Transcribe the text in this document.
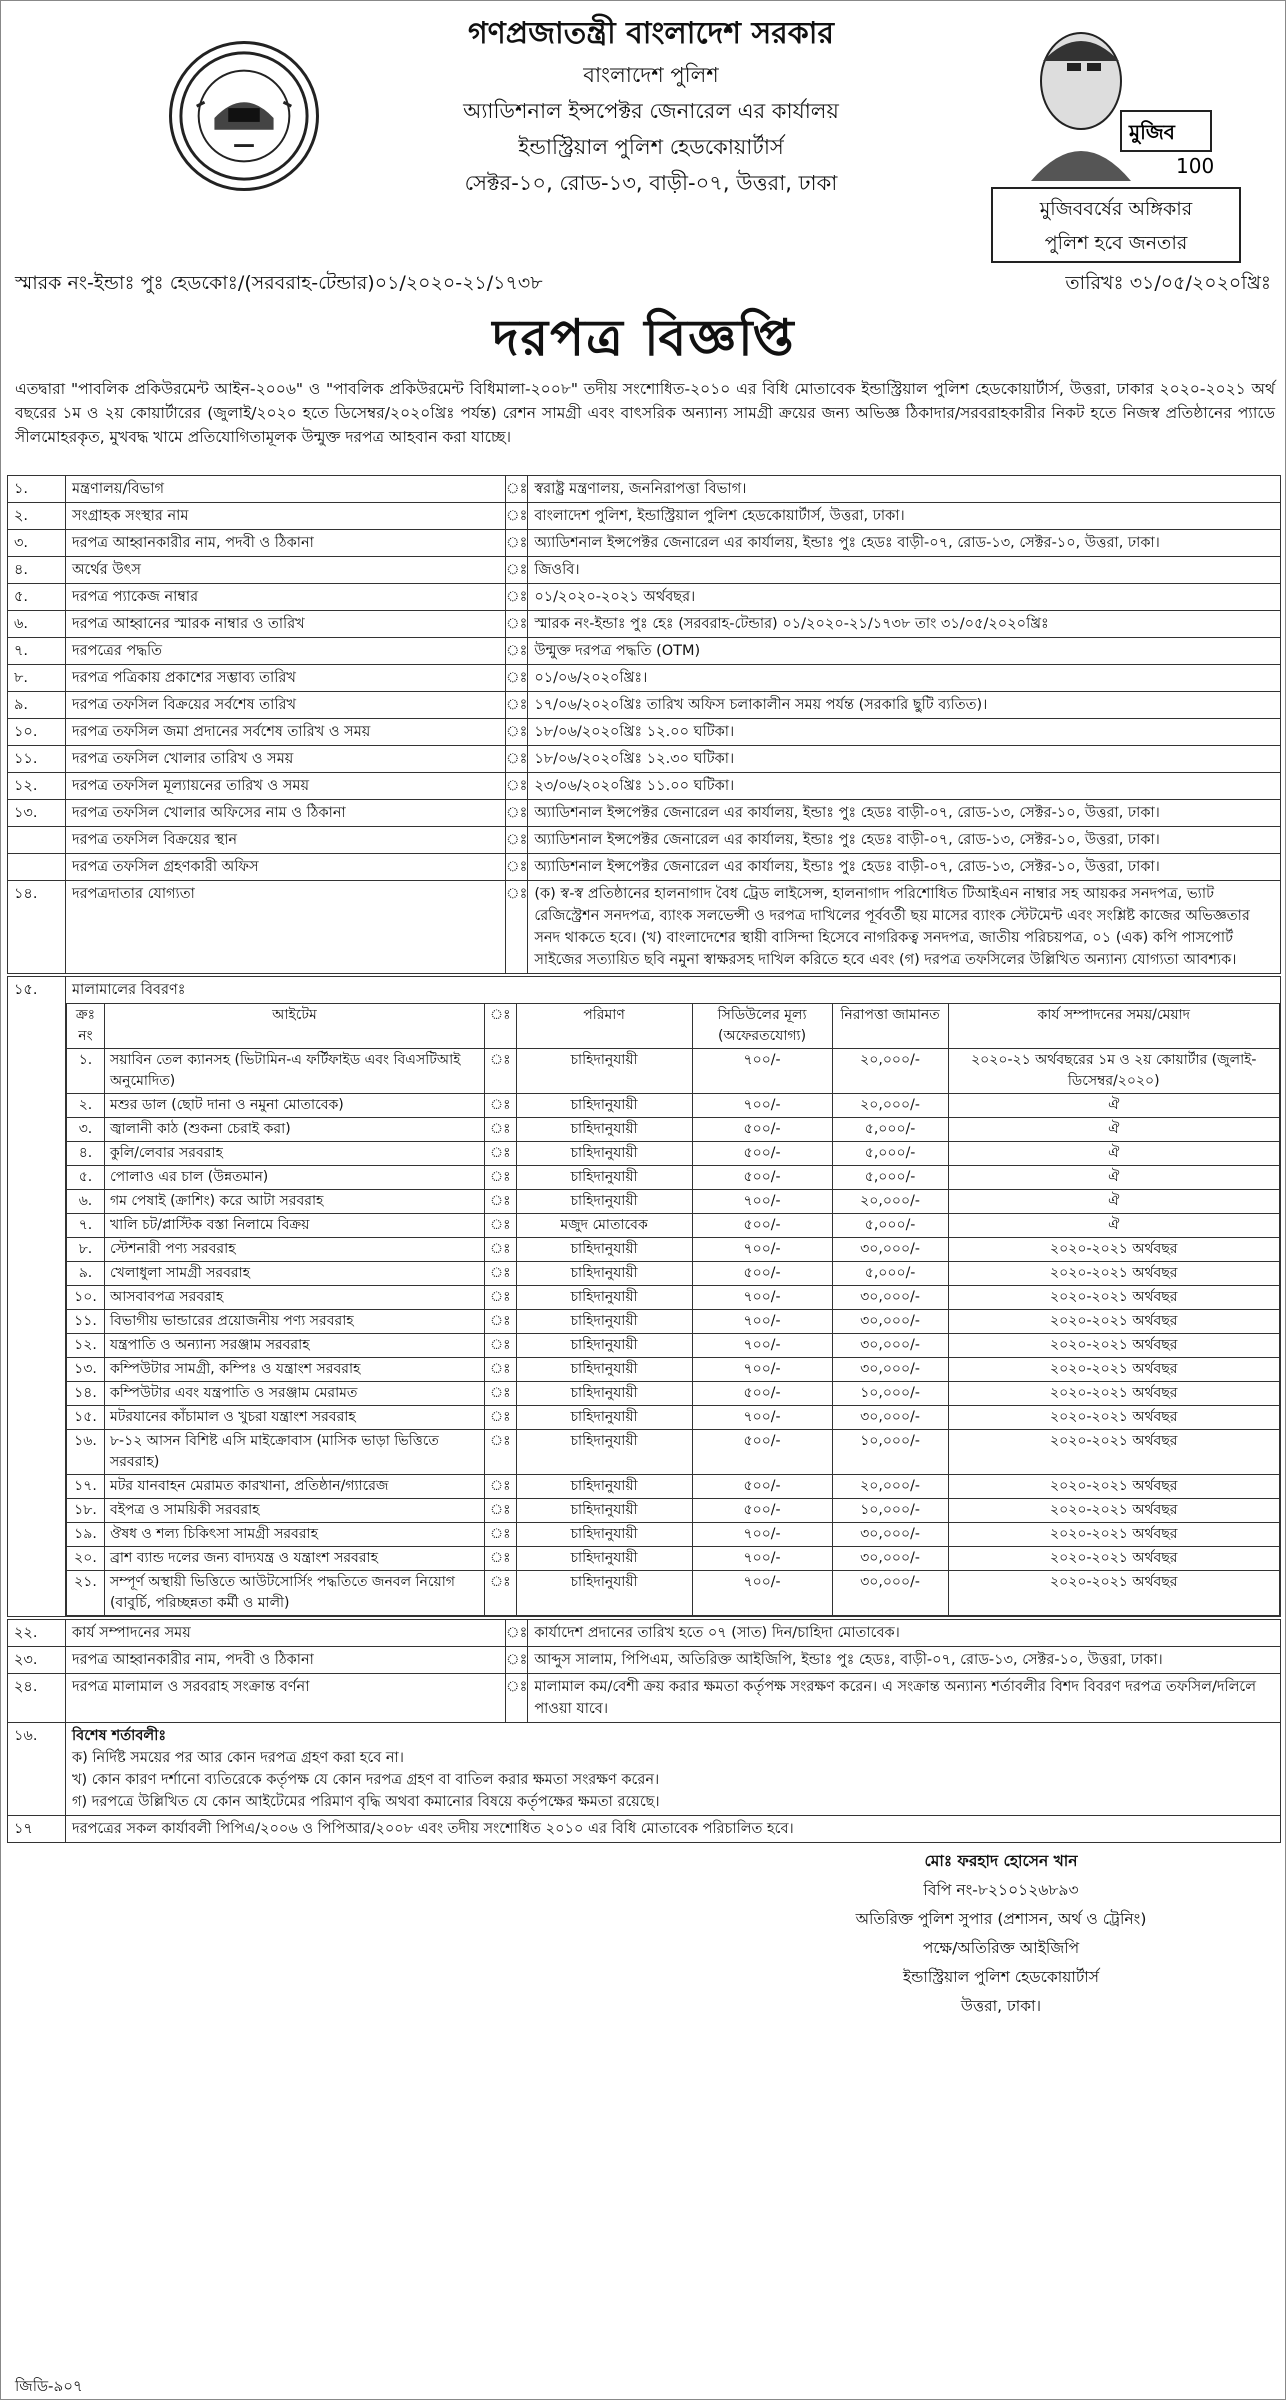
গণপ্রজাতন্ত্রী বাংলাদেশ সরকার
বাংলাদেশ পুলিশ
অ্যাডিশনাল ইন্সপেক্টর জেনারেল এর কার্যালয়
ইন্ডাস্ট্রিয়াল পুলিশ হেডকোয়ার্টার্স
সেক্টর-১০, রোড-১৩, বাড়ী-০৭, উত্তরা, ঢাকা
মুজিব
100
মুজিববর্ষের অঙ্গিকার
পুলিশ হবে জনতার
স্মারক নং-ইন্ডাঃ পুঃ হেডকোঃ/(সরবরাহ-টেন্ডার)০১/২০২০-২১/১৭৩৮	তারিখঃ ৩১/০৫/২০২০খ্রিঃ
দরপত্র বিজ্ঞপ্তি
এতদ্বারা "পাবলিক প্রকিউরমেন্ট আইন-২০০৬" ও "পাবলিক প্রকিউরমেন্ট বিধিমালা-২০০৮" তদীয় সংশোধিত-২০১০ এর বিধি মোতাবেক ইন্ডাস্ট্রিয়াল পুলিশ হেডকোয়ার্টার্স, উত্তরা, ঢাকার ২০২০-২০২১ অর্থ বছরের ১ম ও ২য় কোয়ার্টারের (জুলাই/২০২০ হতে ডিসেম্বর/২০২০খ্রিঃ পর্যন্ত) রেশন সামগ্রী এবং বাৎসরিক অন্যান্য সামগ্রী ক্রয়ের জন্য অভিজ্ঞ ঠিকাদার/সরবরাহকারীর নিকট হতে নিজস্ব প্রতিষ্ঠানের প্যাডে সীলমোহরকৃত, মুখবদ্ধ খামে প্রতিযোগিতামূলক উন্মুক্ত দরপত্র আহবান করা যাচ্ছে।
১.	মন্ত্রণালয়/বিভাগ	ঃ	স্বরাষ্ট্র মন্ত্রণালয়, জননিরাপত্তা বিভাগ।
২.	সংগ্রাহক সংস্থার নাম	ঃ	বাংলাদেশ পুলিশ, ইন্ডাস্ট্রিয়াল পুলিশ হেডকোয়ার্টার্স, উত্তরা, ঢাকা।
৩.	দরপত্র আহ্বানকারীর নাম, পদবী ও ঠিকানা	ঃ	অ্যাডিশনাল ইন্সপেক্টর জেনারেল এর কার্যালয়, ইন্ডাঃ পুঃ হেডঃ বাড়ী-০৭, রোড-১৩, সেক্টর-১০, উত্তরা, ঢাকা।
৪.	অর্থের উৎস	ঃ	জিওবি।
৫.	দরপত্র প্যাকেজ নাম্বার	ঃ	০১/২০২০-২০২১ অর্থবছর।
৬.	দরপত্র আহ্বানের স্মারক নাম্বার ও তারিখ	ঃ	স্মারক নং-ইন্ডাঃ পুঃ হেঃ (সরবরাহ-টেন্ডার) ০১/২০২০-২১/১৭৩৮ তাং ৩১/০৫/২০২০খ্রিঃ
৭.	দরপত্রের পদ্ধতি	ঃ	উন্মুক্ত দরপত্র পদ্ধতি (OTM)
৮.	দরপত্র পত্রিকায় প্রকাশের সম্ভাব্য তারিখ	ঃ	০১/০৬/২০২০খ্রিঃ।
৯.	দরপত্র তফসিল বিক্রয়ের সর্বশেষ তারিখ	ঃ	১৭/০৬/২০২০খ্রিঃ তারিখ অফিস চলাকালীন সময় পর্যন্ত (সরকারি ছুটি ব্যতিত)।
১০.	দরপত্র তফসিল জমা প্রদানের সর্বশেষ তারিখ ও সময়	ঃ	১৮/০৬/২০২০খ্রিঃ ১২.০০ ঘটিকা।
১১.	দরপত্র তফসিল খোলার তারিখ ও সময়	ঃ	১৮/০৬/২০২০খ্রিঃ ১২.৩০ ঘটিকা।
১২.	দরপত্র তফসিল মূল্যায়নের তারিখ ও সময়	ঃ	২৩/০৬/২০২০খ্রিঃ ১১.০০ ঘটিকা।
১৩.	দরপত্র তফসিল খোলার অফিসের নাম ও ঠিকানা	ঃ	অ্যাডিশনাল ইন্সপেক্টর জেনারেল এর কার্যালয়, ইন্ডাঃ পুঃ হেডঃ বাড়ী-০৭, রোড-১৩, সেক্টর-১০, উত্তরা, ঢাকা।
	দরপত্র তফসিল বিক্রয়ের স্থান	ঃ	অ্যাডিশনাল ইন্সপেক্টর জেনারেল এর কার্যালয়, ইন্ডাঃ পুঃ হেডঃ বাড়ী-০৭, রোড-১৩, সেক্টর-১০, উত্তরা, ঢাকা।
	দরপত্র তফসিল গ্রহণকারী অফিস	ঃ	অ্যাডিশনাল ইন্সপেক্টর জেনারেল এর কার্যালয়, ইন্ডাঃ পুঃ হেডঃ বাড়ী-০৭, রোড-১৩, সেক্টর-১০, উত্তরা, ঢাকা।
১৪.	দরপত্রদাতার যোগ্যতা	ঃ	(ক) স্ব-স্ব প্রতিষ্ঠানের হালনাগাদ বৈধ ট্রেড লাইসেন্স, হালনাগাদ পরিশোধিত টিআইএন নাম্বার সহ আয়কর সনদপত্র, ভ্যাট রেজিস্ট্রেশন সনদপত্র, ব্যাংক সলভেন্সী ও দরপত্র দাখিলের পূর্ববর্তী ছয় মাসের ব্যাংক স্টেটমেন্ট এবং সংশ্লিষ্ট কাজের অভিজ্ঞতার সনদ থাকতে হবে। (খ) বাংলাদেশের স্থায়ী বাসিন্দা হিসেবে নাগরিকত্ব সনদপত্র, জাতীয় পরিচয়পত্র, ০১ (এক) কপি পাসপোর্ট সাইজের সত্যায়িত ছবি নমুনা স্বাক্ষরসহ দাখিল করিতে হবে এবং (গ) দরপত্র তফসিলের উল্লিখিত অন্যান্য যোগ্যতা আবশ্যক।
১৫.	মালামালের বিবরণঃ
ক্রঃ নং	আইটেম	ঃ	পরিমাণ	সিডিউলের মূল্য (অফেরতযোগ্য)	নিরাপত্তা জামানত	কার্য সম্পাদনের সময়/মেয়াদ
১.	সয়াবিন তেল ক্যানসহ (ভিটামিন-এ ফর্টিফাইড এবং বিএসটিআই অনুমোদিত)	ঃ	চাহিদানুযায়ী	৭০০/-	২০,০০০/-	২০২০-২১ অর্থবছরের ১ম ও ২য় কোয়ার্টার (জুলাই-ডিসেম্বর/২০২০)
২.	মশুর ডাল (ছোট দানা ও নমুনা মোতাবেক)	ঃ	চাহিদানুযায়ী	৭০০/-	২০,০০০/-	ঐ
৩.	জ্বালানী কাঠ (শুকনা চেরাই করা)	ঃ	চাহিদানুযায়ী	৫০০/-	৫,০০০/-	ঐ
৪.	কুলি/লেবার সরবরাহ	ঃ	চাহিদানুযায়ী	৫০০/-	৫,০০০/-	ঐ
৫.	পোলাও এর চাল (উন্নতমান)	ঃ	চাহিদানুযায়ী	৫০০/-	৫,০০০/-	ঐ
৬.	গম পেষাই (ক্রাশিং) করে আটা সরবরাহ	ঃ	চাহিদানুযায়ী	৭০০/-	২০,০০০/-	ঐ
৭.	খালি চট/প্লাস্টিক বস্তা নিলামে বিক্রয়	ঃ	মজুদ মোতাবেক	৫০০/-	৫,০০০/-	ঐ
৮.	স্টেশনারী পণ্য সরবরাহ	ঃ	চাহিদানুযায়ী	৭০০/-	৩০,০০০/-	২০২০-২০২১ অর্থবছর
৯.	খেলাধুলা সামগ্রী সরবরাহ	ঃ	চাহিদানুযায়ী	৫০০/-	৫,০০০/-	২০২০-২০২১ অর্থবছর
১০.	আসবাবপত্র সরবরাহ	ঃ	চাহিদানুযায়ী	৭০০/-	৩০,০০০/-	২০২০-২০২১ অর্থবছর
১১.	বিভাগীয় ভান্ডারের প্রয়োজনীয় পণ্য সরবরাহ	ঃ	চাহিদানুযায়ী	৭০০/-	৩০,০০০/-	২০২০-২০২১ অর্থবছর
১২.	যন্ত্রপাতি ও অন্যান্য সরঞ্জাম সরবরাহ	ঃ	চাহিদানুযায়ী	৭০০/-	৩০,০০০/-	২০২০-২০২১ অর্থবছর
১৩.	কম্পিউটার সামগ্রী, কম্পিঃ ও যন্ত্রাংশ সরবরাহ	ঃ	চাহিদানুযায়ী	৭০০/-	৩০,০০০/-	২০২০-২০২১ অর্থবছর
১৪.	কম্পিউটার এবং যন্ত্রপাতি ও সরঞ্জাম মেরামত	ঃ	চাহিদানুযায়ী	৫০০/-	১০,০০০/-	২০২০-২০২১ অর্থবছর
১৫.	মটরযানের কাঁচামাল ও খুচরা যন্ত্রাংশ সরবরাহ	ঃ	চাহিদানুযায়ী	৭০০/-	৩০,০০০/-	২০২০-২০২১ অর্থবছর
১৬.	৮-১২ আসন বিশিষ্ট এসি মাইক্রোবাস (মাসিক ভাড়া ভিত্তিতে সরবরাহ)	ঃ	চাহিদানুযায়ী	৫০০/-	১০,০০০/-	২০২০-২০২১ অর্থবছর
১৭.	মটর যানবাহন মেরামত কারখানা, প্রতিষ্ঠান/গ্যারেজ	ঃ	চাহিদানুযায়ী	৫০০/-	২০,০০০/-	২০২০-২০২১ অর্থবছর
১৮.	বইপত্র ও সাময়িকী সরবরাহ	ঃ	চাহিদানুযায়ী	৫০০/-	১০,০০০/-	২০২০-২০২১ অর্থবছর
১৯.	ঔষধ ও শল্য চিকিৎসা সামগ্রী সরবরাহ	ঃ	চাহিদানুযায়ী	৭০০/-	৩০,০০০/-	২০২০-২০২১ অর্থবছর
২০.	ব্রাশ ব্যান্ড দলের জন্য বাদ্যযন্ত্র ও যন্ত্রাংশ সরবরাহ	ঃ	চাহিদানুযায়ী	৭০০/-	৩০,০০০/-	২০২০-২০২১ অর্থবছর
২১.	সম্পূর্ণ অস্থায়ী ভিত্তিতে আউটসোর্সিং পদ্ধতিতে জনবল নিয়োগ (বাবুর্চি, পরিচ্ছন্নতা কর্মী ও মালী)	ঃ	চাহিদানুযায়ী	৭০০/-	৩০,০০০/-	২০২০-২০২১ অর্থবছর
২২.	কার্য সম্পাদনের সময়	ঃ	কার্যাদেশ প্রদানের তারিখ হতে ০৭ (সাত) দিন/চাহিদা মোতাবেক।
২৩.	দরপত্র আহ্বানকারীর নাম, পদবী ও ঠিকানা	ঃ	আব্দুস সালাম, পিপিএম, অতিরিক্ত আইজিপি, ইন্ডাঃ পুঃ হেডঃ, বাড়ী-০৭, রোড-১৩, সেক্টর-১০, উত্তরা, ঢাকা।
২৪.	দরপত্র মালামাল ও সরবরাহ সংক্রান্ত বর্ণনা	ঃ	মালামাল কম/বেশী ক্রয় করার ক্ষমতা কর্তৃপক্ষ সংরক্ষণ করেন। এ সংক্রান্ত অন্যান্য শর্তাবলীর বিশদ বিবরণ দরপত্র তফসিল/দলিলে পাওয়া যাবে।
১৬.	বিশেষ শর্তাবলীঃ
ক) নির্দিষ্ট সময়ের পর আর কোন দরপত্র গ্রহণ করা হবে না।
খ) কোন কারণ দর্শানো ব্যতিরেকে কর্তৃপক্ষ যে কোন দরপত্র গ্রহণ বা বাতিল করার ক্ষমতা সংরক্ষণ করেন।
গ) দরপত্রে উল্লিখিত যে কোন আইটেমের পরিমাণ বৃদ্ধি অথবা কমানোর বিষয়ে কর্তৃপক্ষের ক্ষমতা রয়েছে।		

১৭	দরপত্রের সকল কার্যাবলী পিপিএ/২০০৬ ও পিপিআর/২০০৮ এবং তদীয় সংশোধিত ২০১০ এর বিধি মোতাবেক পরিচালিত হবে।		
মোঃ ফরহাদ হোসেন খান
বিপি নং-৮২১০১২৬৮৯৩
অতিরিক্ত পুলিশ সুপার (প্রশাসন, অর্থ ও ট্রেনিং)
পক্ষে/অতিরিক্ত আইজিপি
ইন্ডাস্ট্রিয়াল পুলিশ হেডকোয়ার্টার্স
উত্তরা, ঢাকা।
জিডি-৯০৭
